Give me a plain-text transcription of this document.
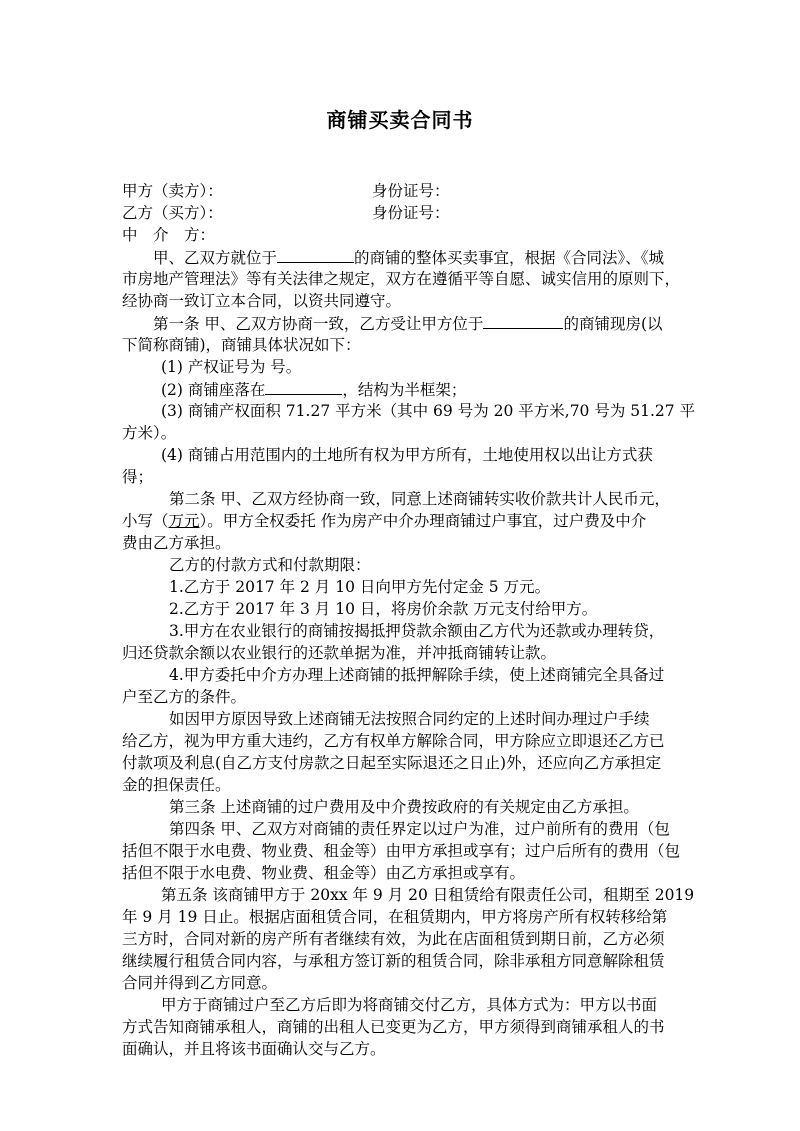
商铺买卖合同书
甲方（卖方）：	身份证号：
乙方（买方）：	身份证号：
中　介　方：
甲、乙双方就位于	的商铺的整体买卖事宜，根据《合同法》、《城
市房地产管理法》等有关法律之规定，双方在遵循平等自愿、诚实信用的原则下，
经协商一致订立本合同，以资共同遵守。
第一条 甲、乙双方协商一致，乙方受让甲方位于	的商铺现房(以
下简称商铺)，商铺具体状况如下：
(1) 产权证号为 号。
(2) 商铺座落在	，结构为半框架；
(3) 商铺产权面积 71.27 平方米（其中 69 号为 20 平方米,70 号为 51.27 平
方米）。
(4) 商铺占用范围内的土地所有权为甲方所有，土地使用权以出让方式获
得；
第二条 甲、乙双方经协商一致，同意上述商铺转实收价款共计人民币元，
小写（万元）。甲方全权委托 作为房产中介办理商铺过户事宜，过户费及中介
费由乙方承担。
乙方的付款方式和付款期限：
1.乙方于 2017 年 2 月 10 日向甲方先付定金 5 万元。
2.乙方于 2017 年 3 月 10 日，将房价余款 万元支付给甲方。
3.甲方在农业银行的商铺按揭抵押贷款余额由乙方代为还款或办理转贷，
归还贷款余额以农业银行的还款单据为准，并冲抵商铺转让款。
4.甲方委托中介方办理上述商铺的抵押解除手续，使上述商铺完全具备过
户至乙方的条件。
如因甲方原因导致上述商铺无法按照合同约定的上述时间办理过户手续
给乙方，视为甲方重大违约，乙方有权单方解除合同，甲方除应立即退还乙方已
付款项及利息(自乙方支付房款之日起至实际退还之日止)外，还应向乙方承担定
金的担保责任。
第三条 上述商铺的过户费用及中介费按政府的有关规定由乙方承担。
第四条 甲、乙双方对商铺的责任界定以过户为准，过户前所有的费用（包
括但不限于水电费、物业费、租金等）由甲方承担或享有；过户后所有的费用（包
括但不限于水电费、物业费、租金等）由乙方承担或享有。
第五条 该商铺甲方于 20xx 年 9 月 20 日租赁给有限责任公司，租期至 2019
年 9 月 19 日止。根据店面租赁合同，在租赁期内，甲方将房产所有权转移给第
三方时，合同对新的房产所有者继续有效，为此在店面租赁到期日前，乙方必须
继续履行租赁合同内容，与承租方签订新的租赁合同，除非承租方同意解除租赁
合同并得到乙方同意。
甲方于商铺过户至乙方后即为将商铺交付乙方，具体方式为：甲方以书面
方式告知商铺承租人，商铺的出租人已变更为乙方，甲方须得到商铺承租人的书
面确认，并且将该书面确认交与乙方。
